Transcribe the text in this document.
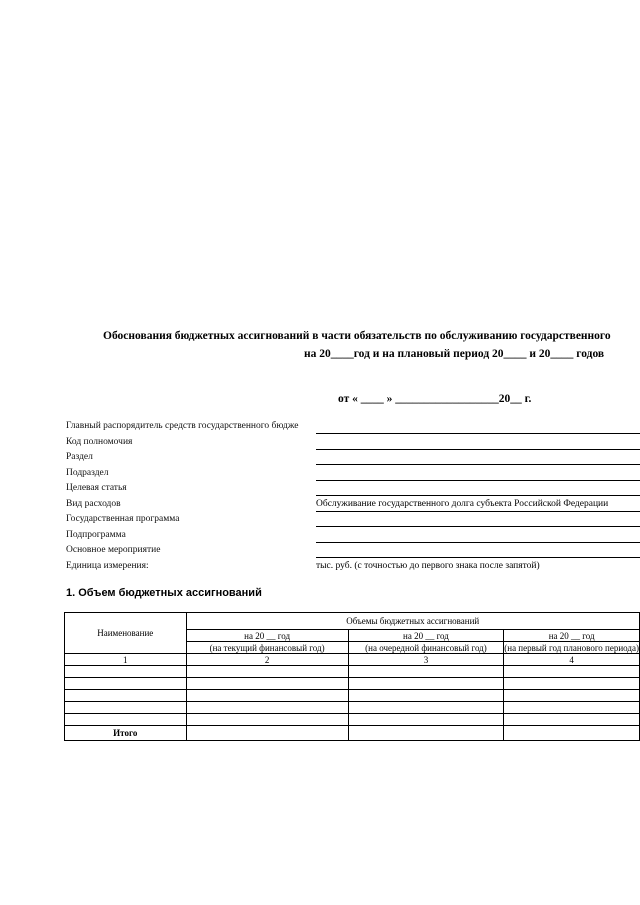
Обоснования бюджетных ассигнований в части обязательств по обслуживанию государственного
на 20____год и на плановый период 20____ и 20____ годов
от « ____ » __________________20__ г.
Главный распорядитель средств государственного бюдже
Код полномочия
Раздел
Подраздел
Целевая статья
Вид расходов	Обслуживание государственного долга субъекта Российской Федерации
Государственная программа
Подпрограмма
Основное мероприятие
Единица измерения:	тыс. руб. (с точностью до первого знака после запятой)
1. Объем бюджетных ассигнований
Наименование	Объемы бюджетных ассигнований		

	на 20 __ год	на 20 __ год	на 20 __ год

	(на текущий финансовый год)	(на очередной финансовый год)	(на первый год планового периода)
1	2	3	4

Итого			
